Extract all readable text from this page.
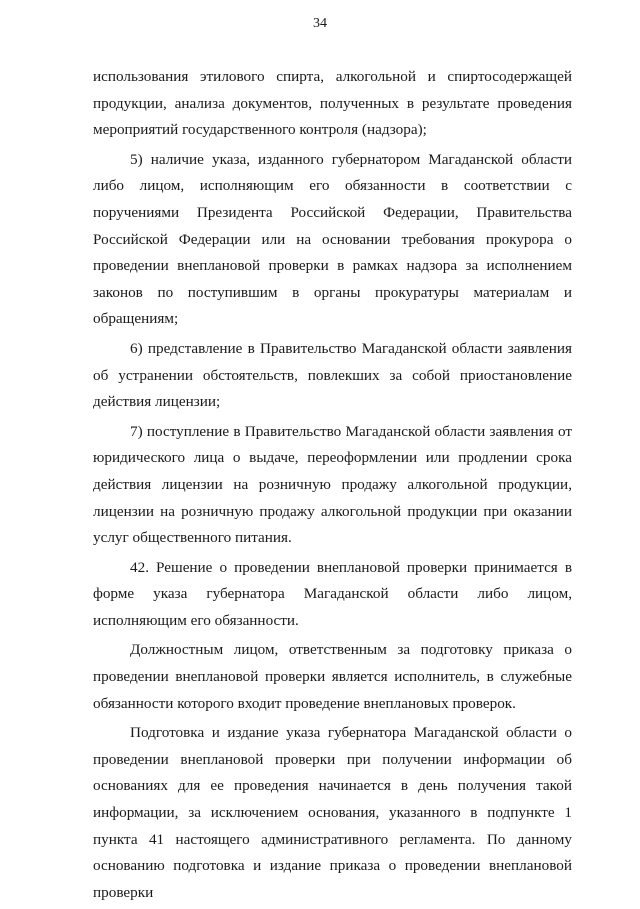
34

использования этилового спирта, алкогольной и спиртосодержащей продукции, анализа документов, полученных в результате проведения мероприятий государственного контроля (надзора);

5) наличие указа, изданного губернатором Магаданской области либо лицом, исполняющим его обязанности в соответствии с поручениями Президента Российской Федерации, Правительства Российской Федерации или на основании требования прокурора о проведении внеплановой проверки в рамках надзора за исполнением законов по поступившим в органы прокуратуры материалам и обращениям;

6) представление в Правительство Магаданской области заявления об устранении обстоятельств, повлекших за собой приостановление действия лицензии;

7) поступление в Правительство Магаданской области заявления от юридического лица о выдаче, переоформлении или продлении срока действия лицензии на розничную продажу алкогольной продукции, лицензии на розничную продажу алкогольной продукции при оказании услуг общественного питания.

42. Решение о проведении внеплановой проверки принимается в форме указа губернатора Магаданской области либо лицом, исполняющим его обязанности.

Должностным лицом, ответственным за подготовку приказа о проведении внеплановой проверки является исполнитель, в служебные обязанности которого входит проведение внеплановых проверок.

Подготовка и издание указа губернатора Магаданской области о проведении внеплановой проверки при получении информации об основаниях для ее проведения начинается в день получения такой информации, за исключением основания, указанного в подпункте 1 пункта 41 настоящего административного регламента. По данному основанию подготовка и издание приказа о проведении внеплановой проверки
